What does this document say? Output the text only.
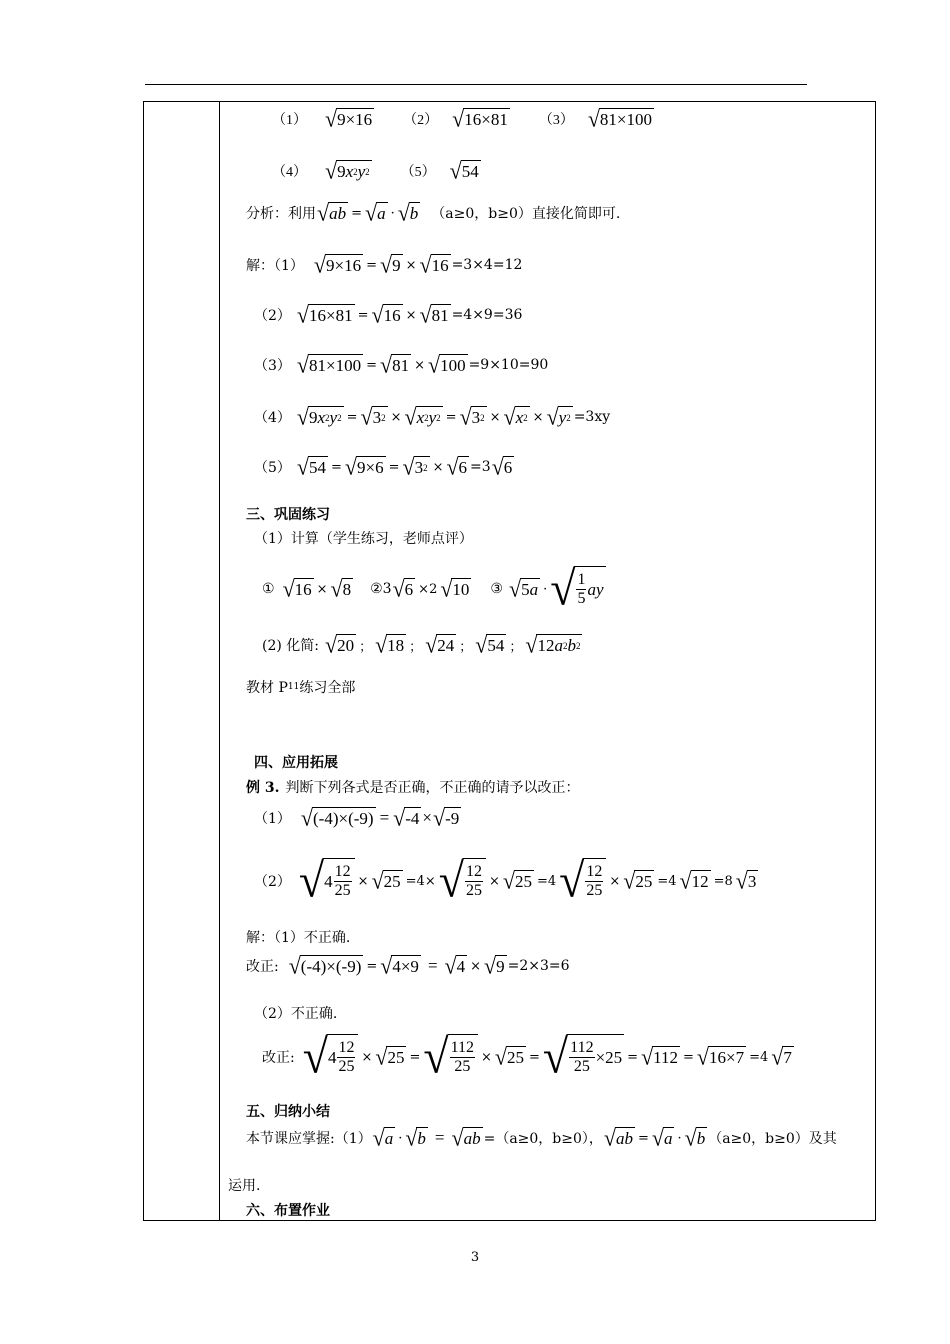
（1） √ 9×16 （2） √ 16×81 （3） √ 81×100
（4） √ 9 x 2 y 2 （5） √ 54
分析：利用 √ ab = √ a · √ b （a≥0，b≥0）直接化简即可.
解：（1） √ 9×16 = √ 9 × √ 16 =3×4=12
（2） √ 16×81 = √ 16 × √ 81 =4×9=36
（3） √ 81×100 = √ 81 × √ 100 =9×10=90
（4） √ 9 x 2 y 2 = √ 3 2 × √ x 2 y 2 = √ 3 2 × √ x 2 × √ y 2 =3xy
（5） √ 54 = √ 9×6 = √ 3 2 × √ 6 =3 √ 6
三、巩固练习
（1）计算（学生练习，老师点评）
① √ 16 × √ 8 ②3 √ 6 ×2 √ 10 ③ √ 5 a · √ $\frac{1}{5}$ ay
(2) 化简: √ 20 ； √ 18 ； √ 24 ； √ 54 ； √ 12 a 2 b 2
教材 P 11 练习全部
四、应用拓展
例 3. 判断下列各式是否正确，不正确的请予以改正：
（1） √ (-4)×(-9) = √ -4 × √ -9
（2） √ $4 \frac{12}{25}$ × √ 25 =4× √ $\frac{12}{25}$ × √ 25 =4 √ $\frac{12}{25}$ × √ 25 =4 √ 12 =8 √ 3
解：（1）不正确.
改正: √ (-4)×(-9) = √ 4×9 = √ 4 × √ 9 =2×3=6
（2）不正确.
改正: √ $4 \frac{12}{25}$ × √ 25 = √ $\frac{112}{25}$ × √ 25 = √ $\frac{112}{25} \times 25$ = √ 112 = √ 16×7 =4 √ 7
五、归纳小结
本节课应掌握:（1） √ a · √ b = √ ab =（a≥0，b≥0）， √ ab = √ a · √ b （a≥0，b≥0）及其
运用.
六、布置作业
3
